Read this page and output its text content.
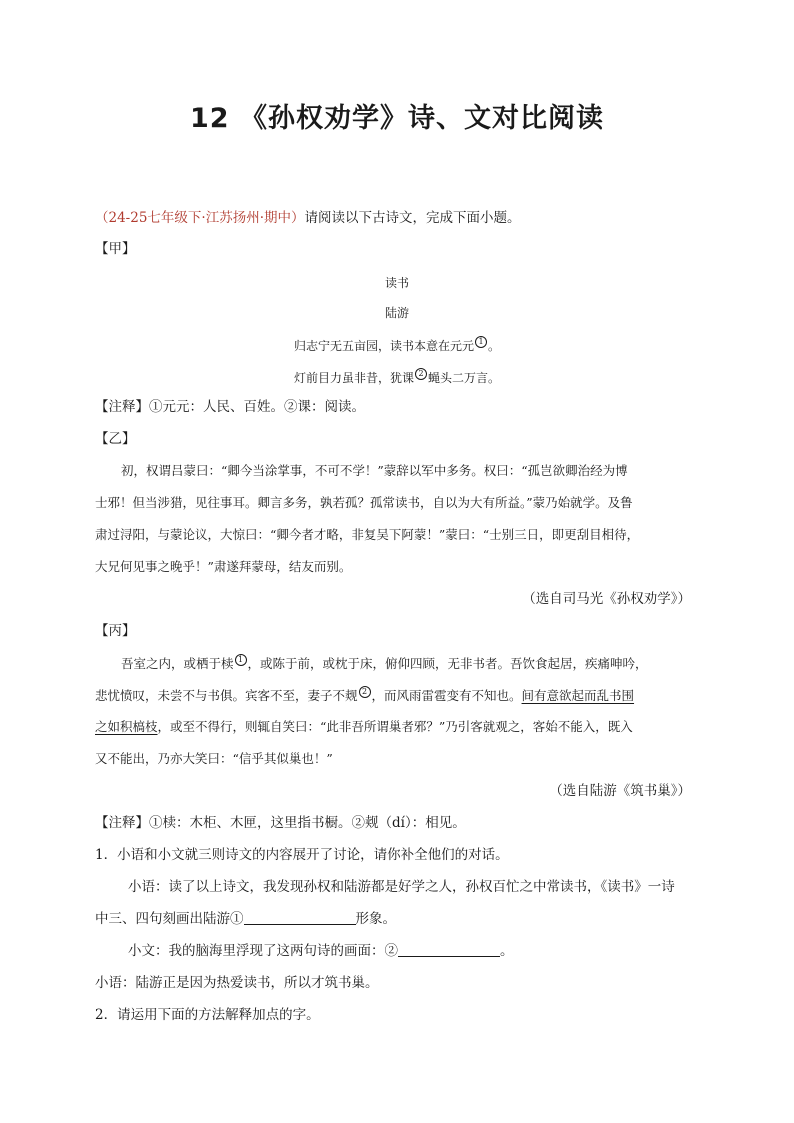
12 《孙权劝学》诗、文对比阅读
（24-25七年级下·江苏扬州·期中）请阅读以下古诗文，完成下面小题。
【甲】
读书
陆游
归志宁无五亩园，读书本意在元元 1 。
灯前目力虽非昔，犹课 2 蝇头二万言。
【注释】①元元：人民、百姓。②课：阅读。
【乙】
初，权谓吕蒙曰：“卿今当涂掌事，不可不学！”蒙辞以军中多务。权曰：“孤岂欲卿治经为博
士邪！但当涉猎，见往事耳。卿言多务，孰若孤？孤常读书，自以为大有所益。”蒙乃始就学。及鲁
肃过浔阳，与蒙论议，大惊曰：“卿今者才略，非复吴下阿蒙！”蒙曰：“士别三日，即更刮目相待，
大兄何见事之晚乎！”肃遂拜蒙母，结友而别。
（选自司马光《孙权劝学》）
【丙】
吾室之内，或栖于椟 1 ，或陈于前，或枕于床，俯仰四顾，无非书者。吾饮食起居，疾痛呻吟，
悲忧愤叹，未尝不与书俱。宾客不至，妻子不觌 2 ，而风雨雷雹变有不知也。间有意欲起而乱书围
之如积槁枝，或至不得行，则辄自笑曰：“此非吾所谓巢者邪？”乃引客就观之，客始不能入，既入
又不能出，乃亦大笑曰：“信乎其似巢也！”
（选自陆游《筑书巢》）
【注释】①椟：木柜、木匣，这里指书橱。②觌（dí）：相见。
1．小语和小文就三则诗文的内容展开了讨论，请你补全他们的对话。
小语：读了以上诗文，我发现孙权和陆游都是好学之人，孙权百忙之中常读书，《读书》一诗
中三、四句刻画出陆游①	形象。
小文：我的脑海里浮现了这两句诗的画面：②	。
小语：陆游正是因为热爱读书，所以才筑书巢。
2．请运用下面的方法解释加点的字。
